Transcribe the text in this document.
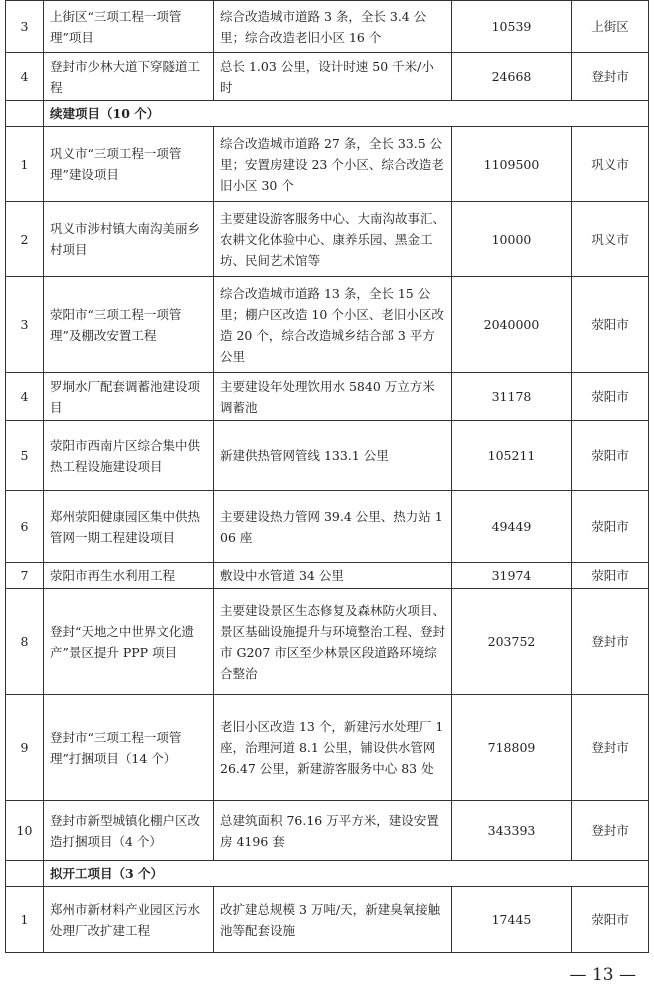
3	上街区“三项工程一项管理”项目	综合改造城市道路 3 条，全长 3.4 公里；综合改造老旧小区 16 个	10539	上街区
4	登封市少林大道下穿隧道工程	总长 1.03 公里，设计时速 50 千米/小时	24668	登封市
	续建项目（10 个）			
1	巩义市“三项工程一项管理”建设项目	综合改造城市道路 27 条，全长 33.5 公里；安置房建设 23 个小区、综合改造老旧小区 30 个	1109500	巩义市
2	巩义市涉村镇大南沟美丽乡村项目	主要建设游客服务中心、大南沟故事汇、农耕文化体验中心、康养乐园、黑金工坊、民间艺术馆等	10000	巩义市
3	荥阳市“三项工程一项管理”及棚改安置工程	综合改造城市道路 13 条，全长 15 公里；棚户区改造 10 个小区、老旧小区改造 20 个，综合改造城乡结合部 3 平方公里	2040000	荥阳市
4	罗垌水厂配套调蓄池建设项目	主要建设年处理饮用水 5840 万立方米调蓄池	31178	荥阳市
5	荥阳市西南片区综合集中供热工程设施建设项目	新建供热管网管线 133.1 公里	105211	荥阳市
6	郑州荥阳健康园区集中供热管网一期工程建设项目	主要建设热力管网 39.4 公里、热力站 106 座	49449	荥阳市
7	荥阳市再生水利用工程	敷设中水管道 34 公里	31974	荥阳市
8	登封“天地之中世界文化遗产”景区提升 PPP 项目	主要建设景区生态修复及森林防火项目、景区基础设施提升与环境整治工程、登封市 G207 市区至少林景区段道路环境综合整治	203752	登封市
9	登封市“三项工程一项管理”打捆项目（14 个）	老旧小区改造 13 个，新建污水处理厂 1 座，治理河道 8.1 公里，铺设供水管网 26.47 公里，新建游客服务中心 83 处	718809	登封市
10	登封市新型城镇化棚户区改造打捆项目（4 个）	总建筑面积 76.16 万平方米，建设安置房 4196 套	343393	登封市
	拟开工项目（3 个）			
1	郑州市新材料产业园区污水处理厂改扩建工程	改扩建总规模 3 万吨/天，新建臭氧接触池等配套设施	17445	荥阳市
— 13 —
